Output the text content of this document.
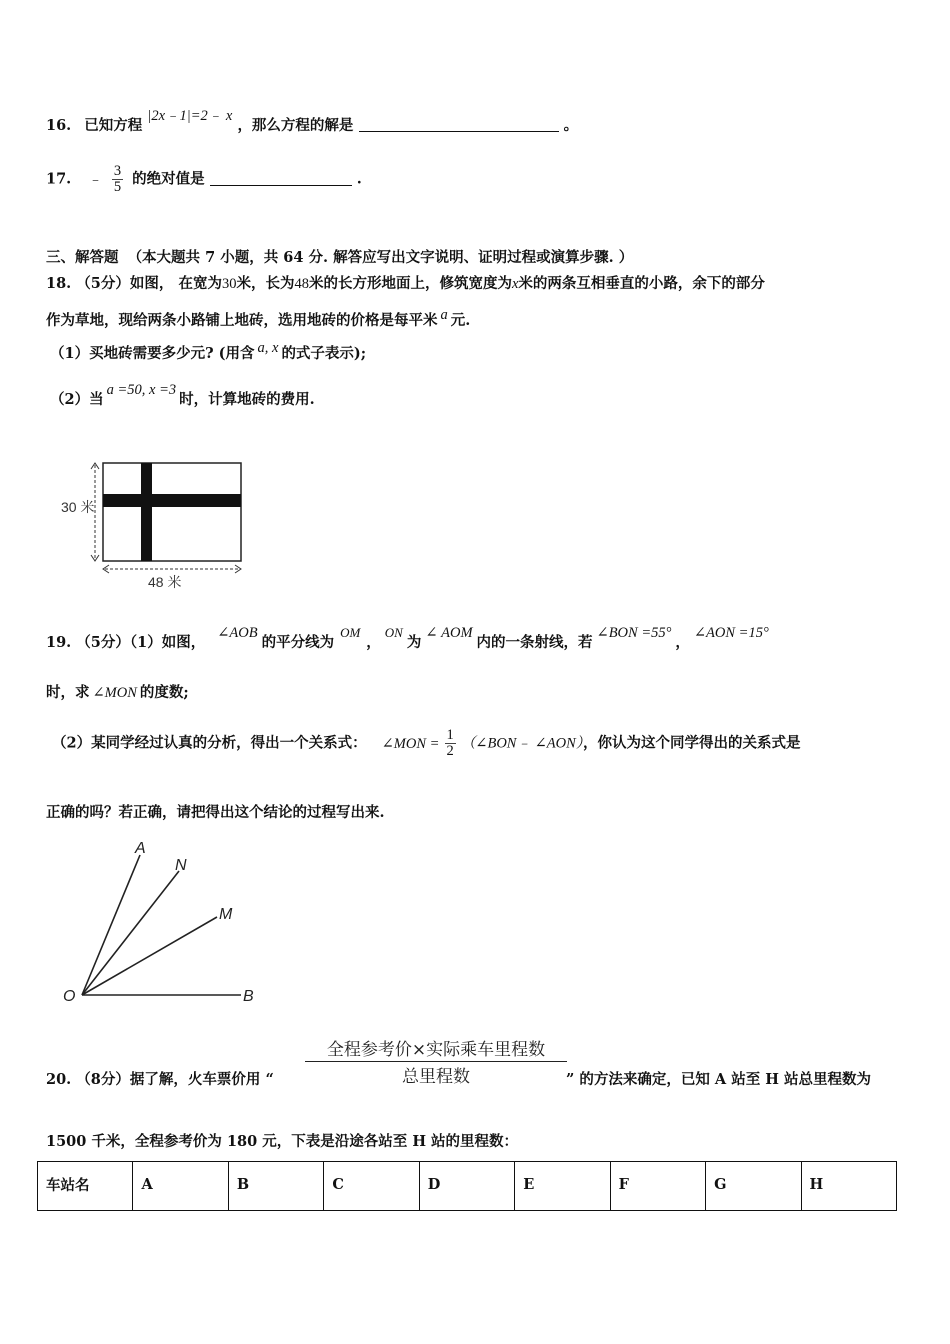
16. 已知方程 |2x﹣1|=2﹣ x ，那么方程的解是	。
17. ﹣ $\frac{3}{5}$ 的绝对值是	.
三、解答题 （本大题共 7 小题，共 64 分. 解答应写出文字说明、证明过程或演算步骤. ）
18. （5分）如图， 在宽为30米，长为48米的长方形地面上，修筑宽度为x米的两条互相垂直的小路，余下的部分
作为草地，现给两条小路铺上地砖，选用地砖的价格是每平米 a 元.
（1）买地砖需要多少元? (用含 a, x 的式子表示);
（2）当a =50, x =3时，计算地砖的费用.
30 米
48 米
19. （5分）（1）如图，∠AOB的平分线为OM，ON为∠ AOM内的一条射线，若∠BON =55°，∠AON =15°
时，求 ∠MON 的度数;
（2）某同学经过认真的分析，得出一个关系式： ∠MON = $\frac{1}{2}$ （∠BON﹣ ∠AON），你认为这个同学得出的关系式是
正确的吗？若正确，请把得出这个结论的过程写出来.
A
N
M
O	B
20. （8分）据了解，火车票价用 “
全程参考价×实际乘车里程数
总里程数	” 的方法来确定，已知 A 站至 H 站总里程数为
1500 千米，全程参考价为 180 元，下表是沿途各站至 H 站的里程数：
车站名	A	B	C	D	E	F	G	H
